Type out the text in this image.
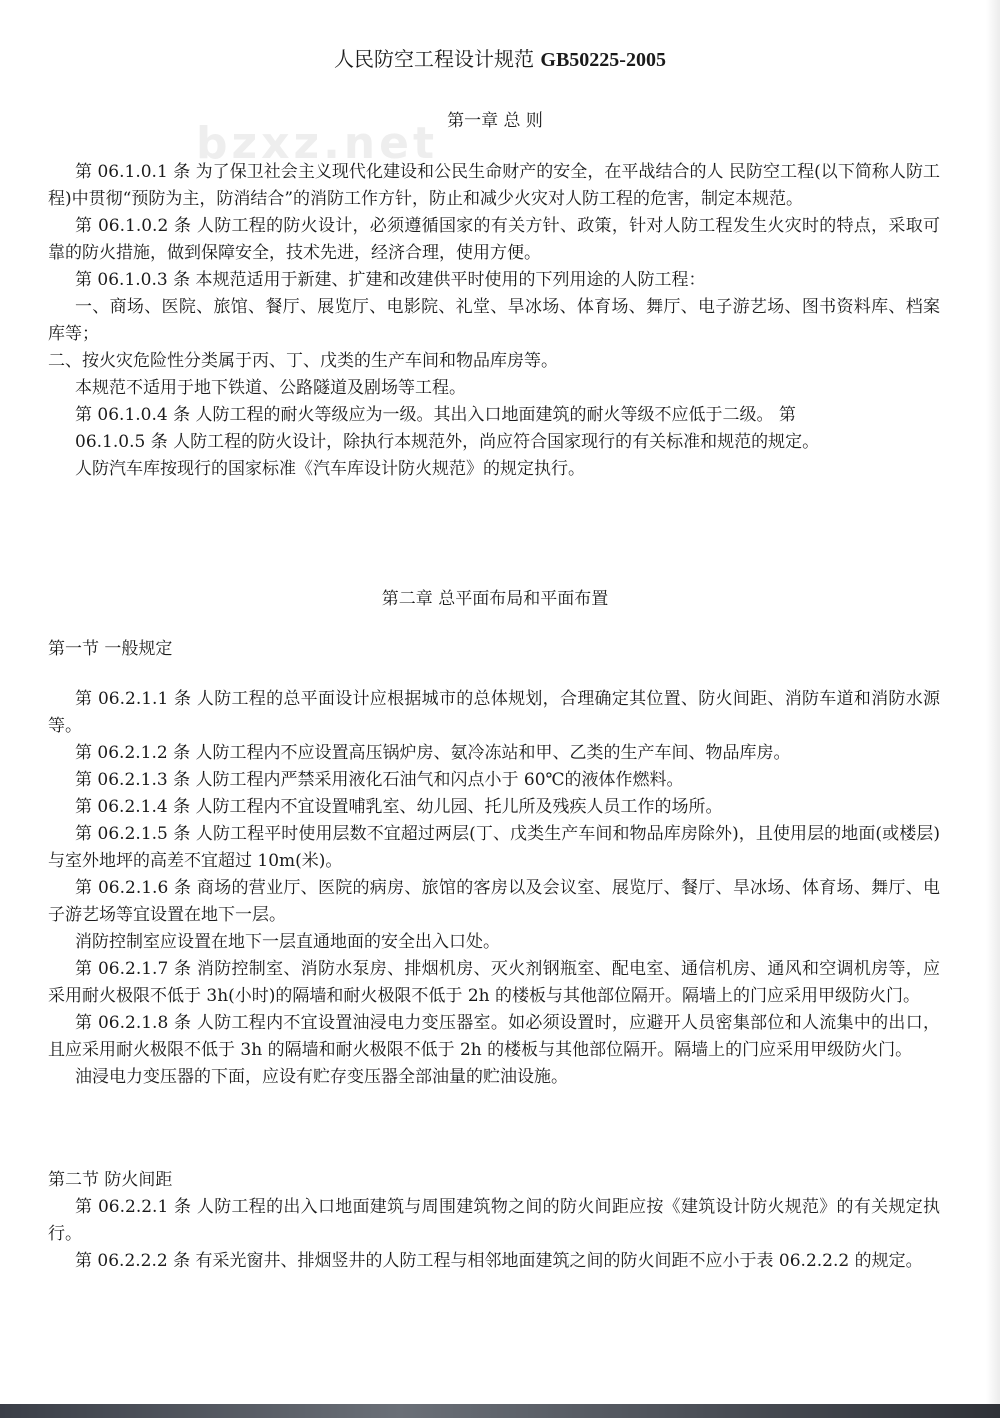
bzxz.net
人民防空工程设计规范 GB50225-2005
第一章 总 则

第 06.1.0.1 条 为了保卫社会主义现代化建设和公民生命财产的安全，在平战结合的人 民防空工程(以下简称人防工程)中贯彻“预防为主，防消结合”的消防工作方针，防止和减少火灾对人防工程的危害，制定本规范。

第 06.1.0.2 条 人防工程的防火设计，必须遵循国家的有关方针、政策，针对人防工程发生火灾时的特点，采取可靠的防火措施，做到保障安全，技术先进，经济合理，使用方便。

第 06.1.0.3 条 本规范适用于新建、扩建和改建供平时使用的下列用途的人防工程：

一、商场、医院、旅馆、餐厅、展览厅、电影院、礼堂、旱冰场、体育场、舞厅、电子游艺场、图书资料库、档案库等；

二、按火灾危险性分类属于丙、丁、戊类的生产车间和物品库房等。

本规范不适用于地下铁道、公路隧道及剧场等工程。

第 06.1.0.4 条 人防工程的耐火等级应为一级。其出入口地面建筑的耐火等级不应低于二级。 第

06.1.0.5 条 人防工程的防火设计，除执行本规范外，尚应符合国家现行的有关标准和规范的规定。

人防汽车库按现行的国家标准《汽车库设计防火规范》的规定执行。

第二章 总平面布局和平面布置
第一节 一般规定

第 06.2.1.1 条 人防工程的总平面设计应根据城市的总体规划，合理确定其位置、防火间距、消防车道和消防水源等。

第 06.2.1.2 条 人防工程内不应设置高压锅炉房、氨冷冻站和甲、乙类的生产车间、物品库房。

第 06.2.1.3 条 人防工程内严禁采用液化石油气和闪点小于 60℃的液体作燃料。

第 06.2.1.4 条 人防工程内不宜设置哺乳室、幼儿园、托儿所及残疾人员工作的场所。

第 06.2.1.5 条 人防工程平时使用层数不宜超过两层(丁、戊类生产车间和物品库房除外)，且使用层的地面(或楼层)与室外地坪的高差不宜超过 10m(米)。

第 06.2.1.6 条 商场的营业厅、医院的病房、旅馆的客房以及会议室、展览厅、餐厅、旱冰场、体育场、舞厅、电子游艺场等宜设置在地下一层。

消防控制室应设置在地下一层直通地面的安全出入口处。

第 06.2.1.7 条 消防控制室、消防水泵房、排烟机房、灭火剂钢瓶室、配电室、通信机房、通风和空调机房等，应采用耐火极限不低于 3h(小时)的隔墙和耐火极限不低于 2h 的楼板与其他部位隔开。隔墙上的门应采用甲级防火门。

第 06.2.1.8 条 人防工程内不宜设置油浸电力变压器室。如必须设置时，应避开人员密集部位和人流集中的出口，且应采用耐火极限不低于 3h 的隔墙和耐火极限不低于 2h 的楼板与其他部位隔开。隔墙上的门应采用甲级防火门。

油浸电力变压器的下面，应设有贮存变压器全部油量的贮油设施。

第二节 防火间距

第 06.2.2.1 条 人防工程的出入口地面建筑与周围建筑物之间的防火间距应按《建筑设计防火规范》的有关规定执行。

第 06.2.2.2 条 有采光窗井、排烟竖井的人防工程与相邻地面建筑之间的防火间距不应小于表 06.2.2.2 的规定。
